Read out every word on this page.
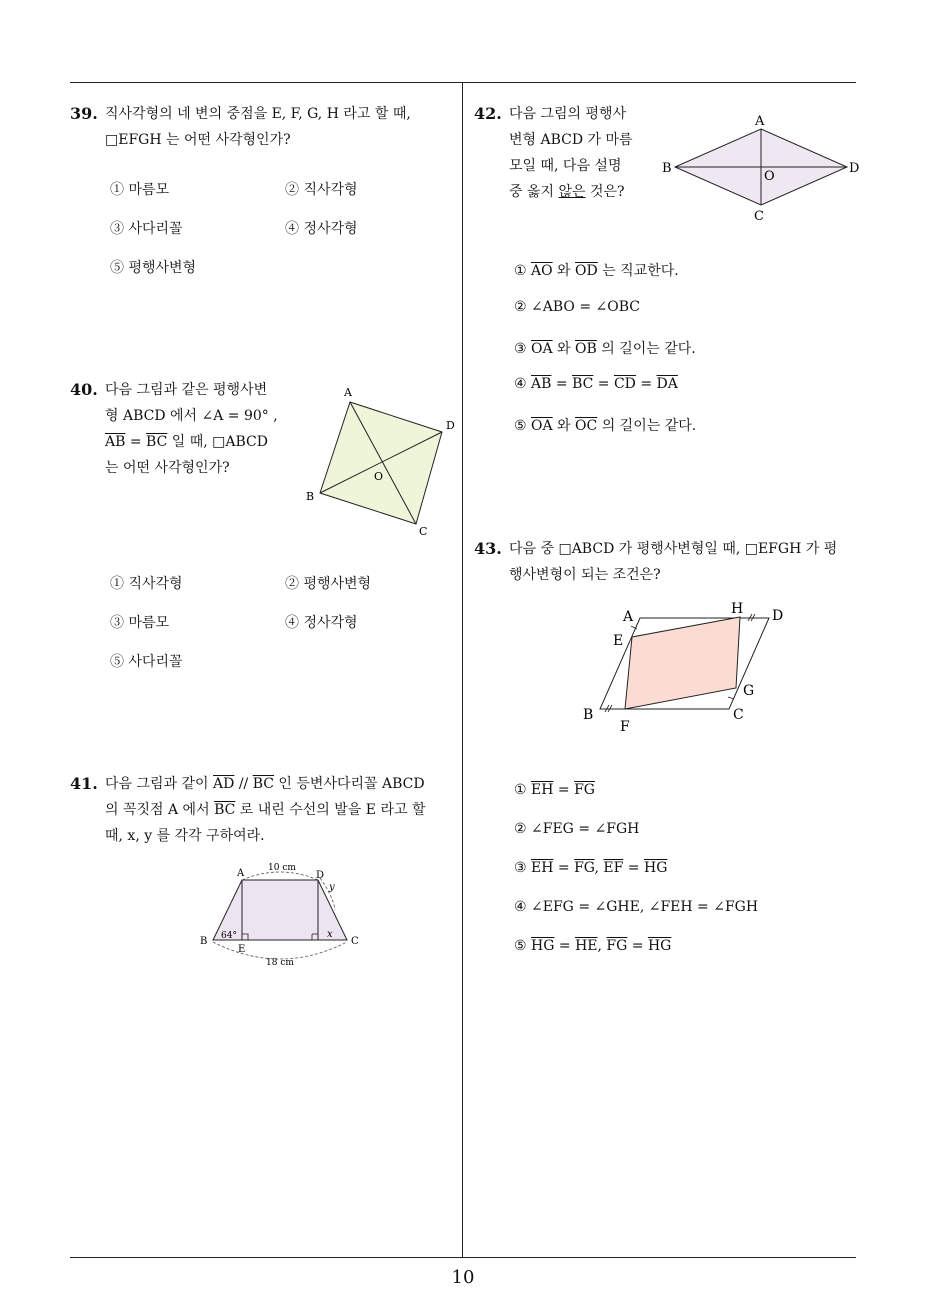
39. 직사각형의 네 변의 중점을 E, F, G, H 라고 할 때,
□EFGH 는 어떤 사각형인가?
① 마름모	② 직사각형
③ 사다리꼴	④ 정사각형
⑤ 평행사변형
40. 다음 그림과 같은 평행사변
형 ABCD 에서 ∠A = 90° ,
$\overline{AB} = \overline{BC}$ 일 때, □ABCD
는 어떤 사각형인가?
A
D
C
B
O
① 직사각형	② 평행사변형
③ 마름모	④ 정사각형
⑤ 사다리꼴
41. 다음 그림과 같이 $\overline{AD} // \overline{BC}$ 인 등변사다리꼴 ABCD
의 꼭짓점 A 에서 $\overline{BC}$ 로 내린 수선의 발을 E 라고 할
때, x, y 를 각각 구하여라.
A	D
B	C
E
10 cm
18 cm
64°	x
y
42. 다음 그림의 평행사
변형 ABCD 가 마름
모일 때, 다음 설명
중 옳지 않은 것은?
A
B	D
C
O
① $\overline{AO}$ 와 $\overline{OD}$ 는 직교한다.
② ∠ABO = ∠OBC
③ $\overline{OA}$ 와 $\overline{OB}$ 의 길이는 같다.
④ $\overline{AB} = \overline{BC} = \overline{CD} = \overline{DA}$
⑤ $\overline{OA}$ 와 $\overline{OC}$ 의 길이는 같다.
43. 다음 중 □ABCD 가 평행사변형일 때, □EFGH 가 평
행사변형이 되는 조건은?
A
E
H D
G
B	C
F
① $\overline{EH} = \overline{FG}$
② ∠FEG = ∠FGH
③ $\overline{EH} = \overline{FG}$, $\overline{EF} = \overline{HG}$
④ ∠EFG = ∠GHE, ∠FEH = ∠FGH
⑤ $\overline{HG} = \overline{HE}$, $\overline{FG} = \overline{HG}$
10
